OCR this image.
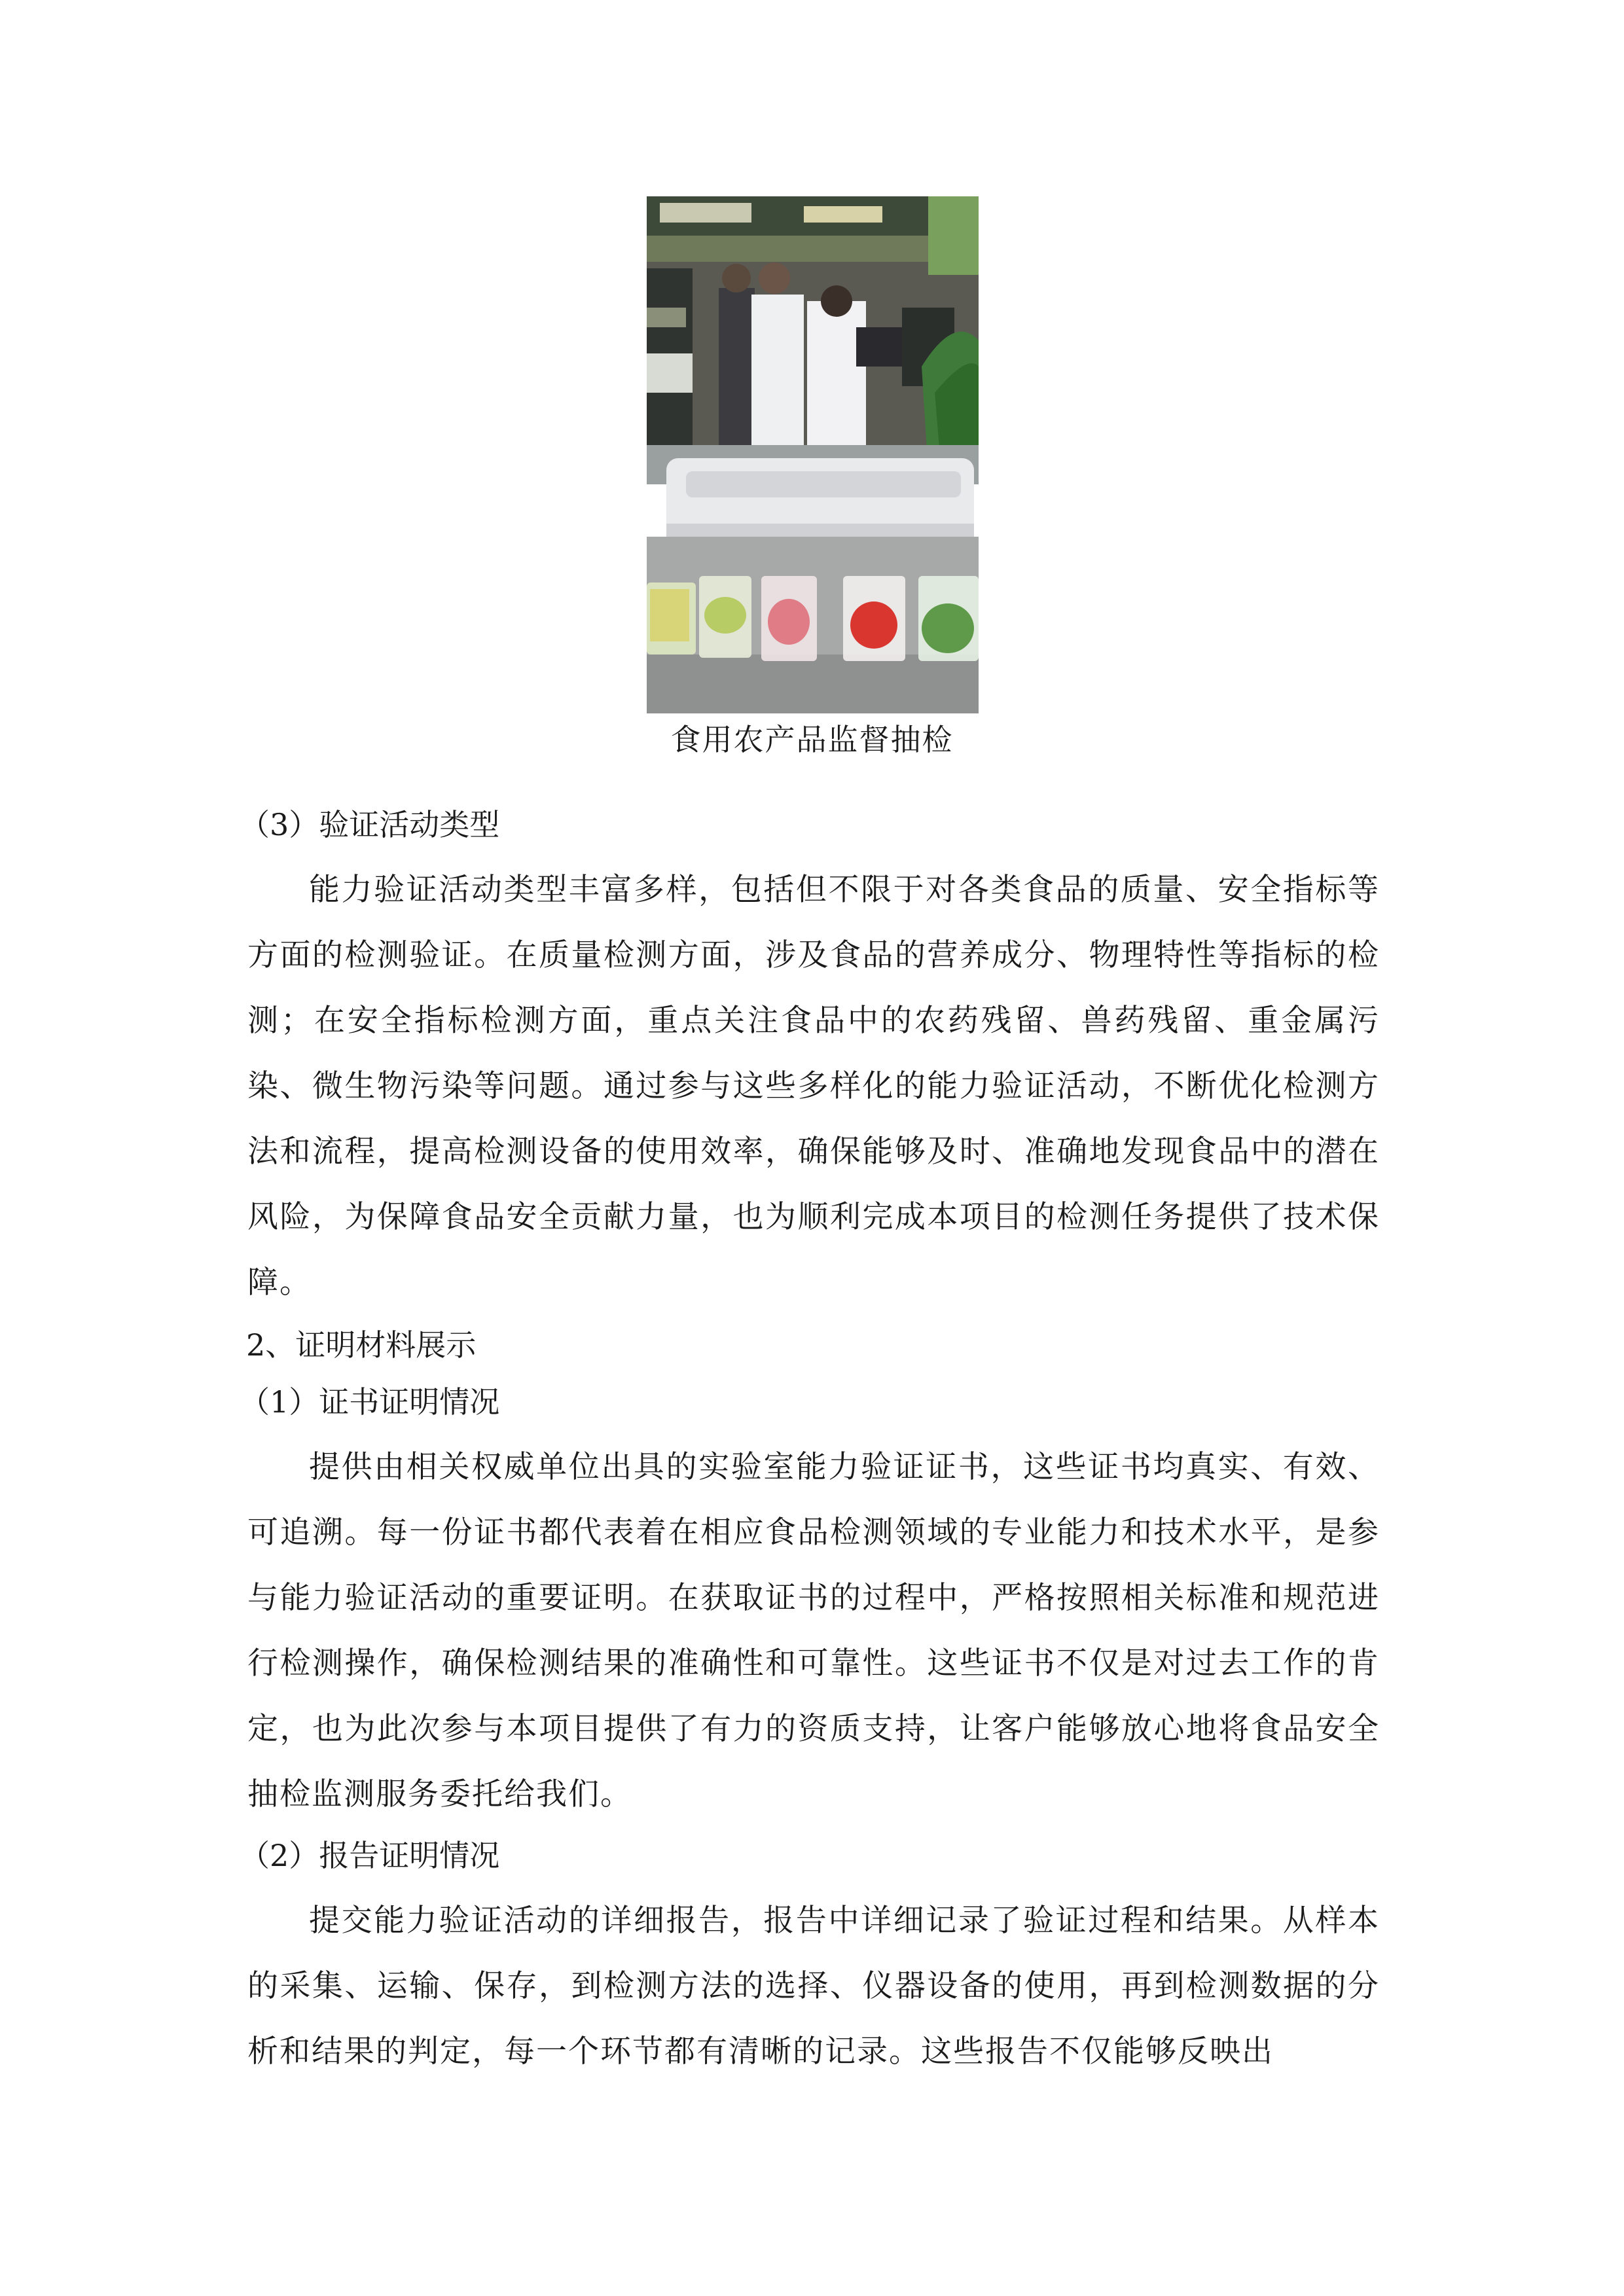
食用农产品监督抽检
（3）验证活动类型

能力验证活动类型丰富多样，包括但不限于对各类食品的质量、安全指标等方面的检测验证。在质量检测方面，涉及食品的营养成分、物理特性等指标的检测；在安全指标检测方面，重点关注食品中的农药残留、兽药残留、重金属污染、微生物污染等问题。通过参与这些多样化的能力验证活动，不断优化检测方法和流程，提高检测设备的使用效率，确保能够及时、准确地发现食品中的潜在风险，为保障食品安全贡献力量，也为顺利完成本项目的检测任务提供了技术保障。

2、证明材料展示
（1）证书证明情况

提供由相关权威单位出具的实验室能力验证证书，这些证书均真实、有效、可追溯。每一份证书都代表着在相应食品检测领域的专业能力和技术水平，是参与能力验证活动的重要证明。在获取证书的过程中，严格按照相关标准和规范进行检测操作，确保检测结果的准确性和可靠性。这些证书不仅是对过去工作的肯定，也为此次参与本项目提供了有力的资质支持，让客户能够放心地将食品安全抽检监测服务委托给我们。

（2）报告证明情况

提交能力验证活动的详细报告，报告中详细记录了验证过程和结果。从样本的采集、运输、保存，到检测方法的选择、仪器设备的使用，再到检测数据的分析和结果的判定，每一个环节都有清晰的记录。这些报告不仅能够反映出
